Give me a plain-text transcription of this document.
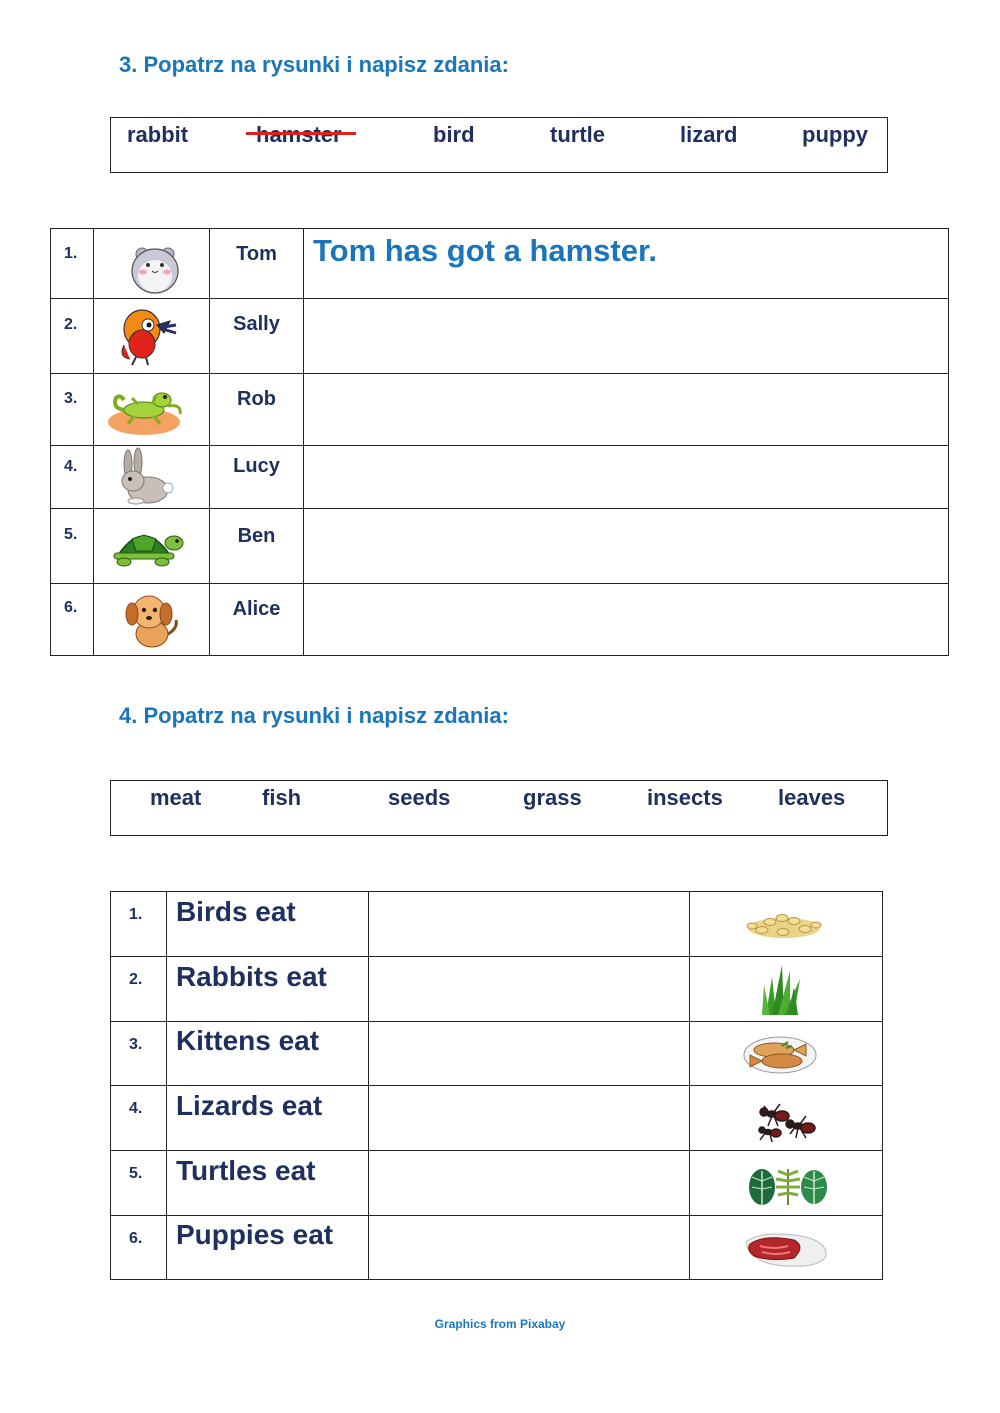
3. Popatrz na rysunki i napisz zdania:
rabbit	bird	turtle	lizard	puppy
1.		Tom	Tom has got a hamster.
2.		Sally	
3.		Rob	
4.		Lucy	
5.		Ben	
6.		Alice	
4. Popatrz na rysunki i napisz zdania:
meat	fish	seeds	grass	insects	leaves
1.	Birds eat		

2.	Rabbits eat		

3.	Kittens eat		

4.	Lizards eat		

5.	Turtles eat		

6.	Puppies eat		
Graphics from Pixabay
